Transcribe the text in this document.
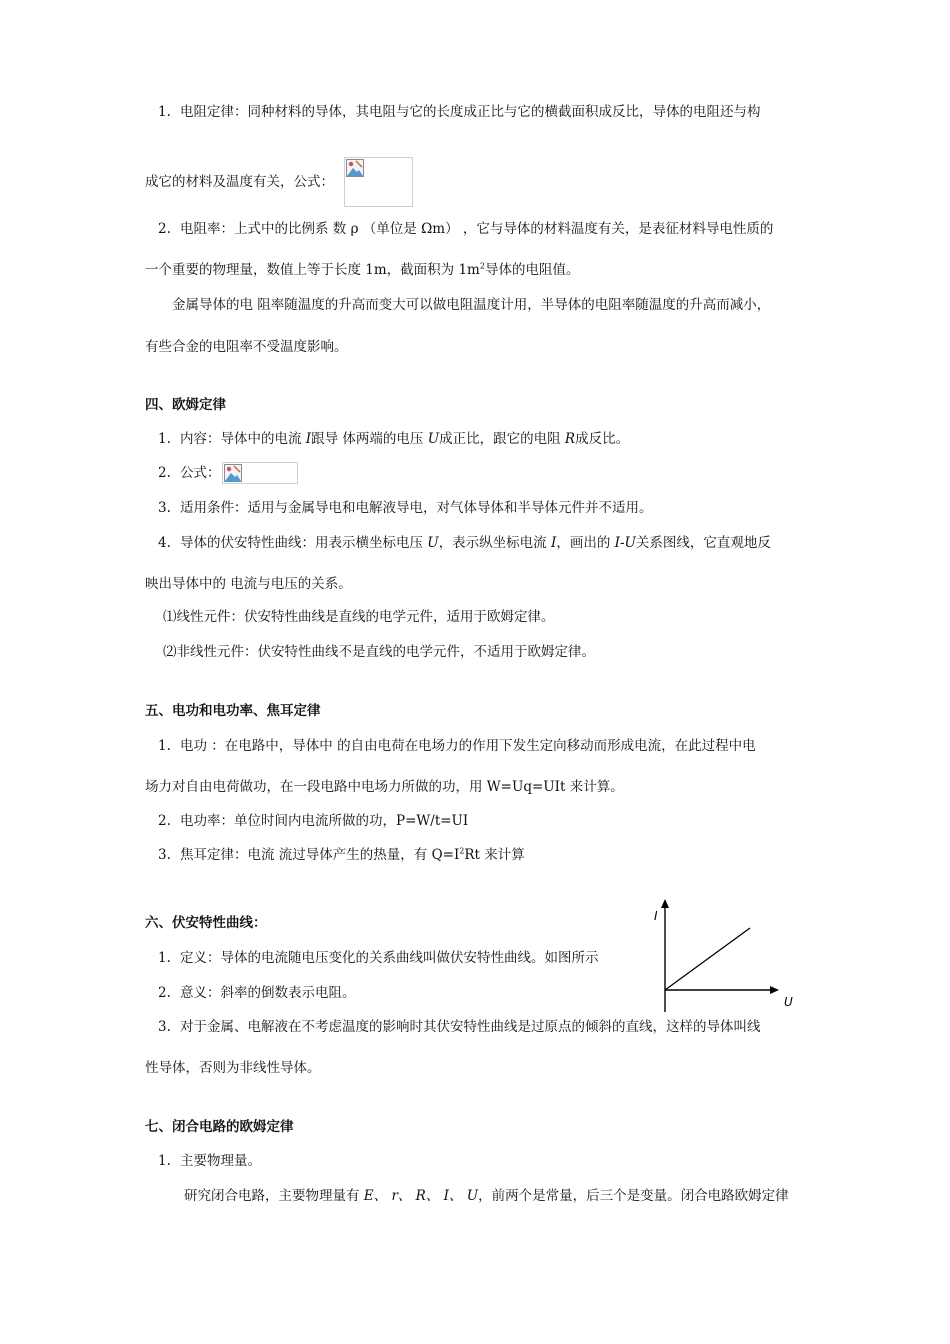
1. 电阻定律：同种材料的导体，其电阻与它的长度成正比与它的横截面积成反比，导体的电阻还与构
成它的材料及温度有关，公式：
2. 电阻率：上式中的比例系 数 ρ （单位是 Ωm） ，它与导体的材料温度有关，是表征材料导电性质的
一个重要的物理量，数值上等于长度 1m，截面积为 $1m^2$导体的电阻值。
金属导体的电 阻率随温度的升高而变大可以做电阻温度计用，半导体的电阻率随温度的升高而减小，
有些合金的电阻率不受温度影响。
四、欧姆定律
1. 内容：导体中的电流 I跟导 体两端的电压 U成正比，跟它的电阻 R成反比。
2. 公式：
3. 适用条件：适用与金属导电和电解液导电，对气体导体和半导体元件并不适用。
4. 导体的伏安特性曲线：用表示横坐标电压 U，表示纵坐标电流 I，画出的 I-U关系图线，它直观地反
映出导体中的 电流与电压的关系。
⑴线性元件：伏安特性曲线是直线的电学元件，适用于欧姆定律。
⑵非线性元件：伏安特性曲线不是直线的电学元件，不适用于欧姆定律。
五、电功和电功率、焦耳定律
1. 电功 ：在电路中，导体中 的自由电荷在电场力的作用下发生定向移动而形成电流，在此过程中电
场力对自由电荷做功，在一段电路中电场力所做的功，用 W=Uq=UIt 来计算。
2. 电功率：单位时间内电流所做的功，P=W/t=UI
3. 焦耳定律：电流 流过导体产生的热量，有 $Q=I^2Rt$ 来计算
六、伏安特性曲线：
1. 定义：导体的电流随电压变化的关系曲线叫做伏安特性曲线。如图所示
2. 意义：斜率的倒数表示电阻。
3. 对于金属、电解液在不考虑温度的影响时其伏安特性曲线是过原点的倾斜的直线，这样的导体叫线
性导体，否则为非线性导体。
I
U
七、闭合电路的欧姆定律
1. 主要物理量。
研究闭合电路，主要物理量有 E、 r、 R、 I、 U，前两个是常量，后三个是变量。闭合电路欧姆定律
